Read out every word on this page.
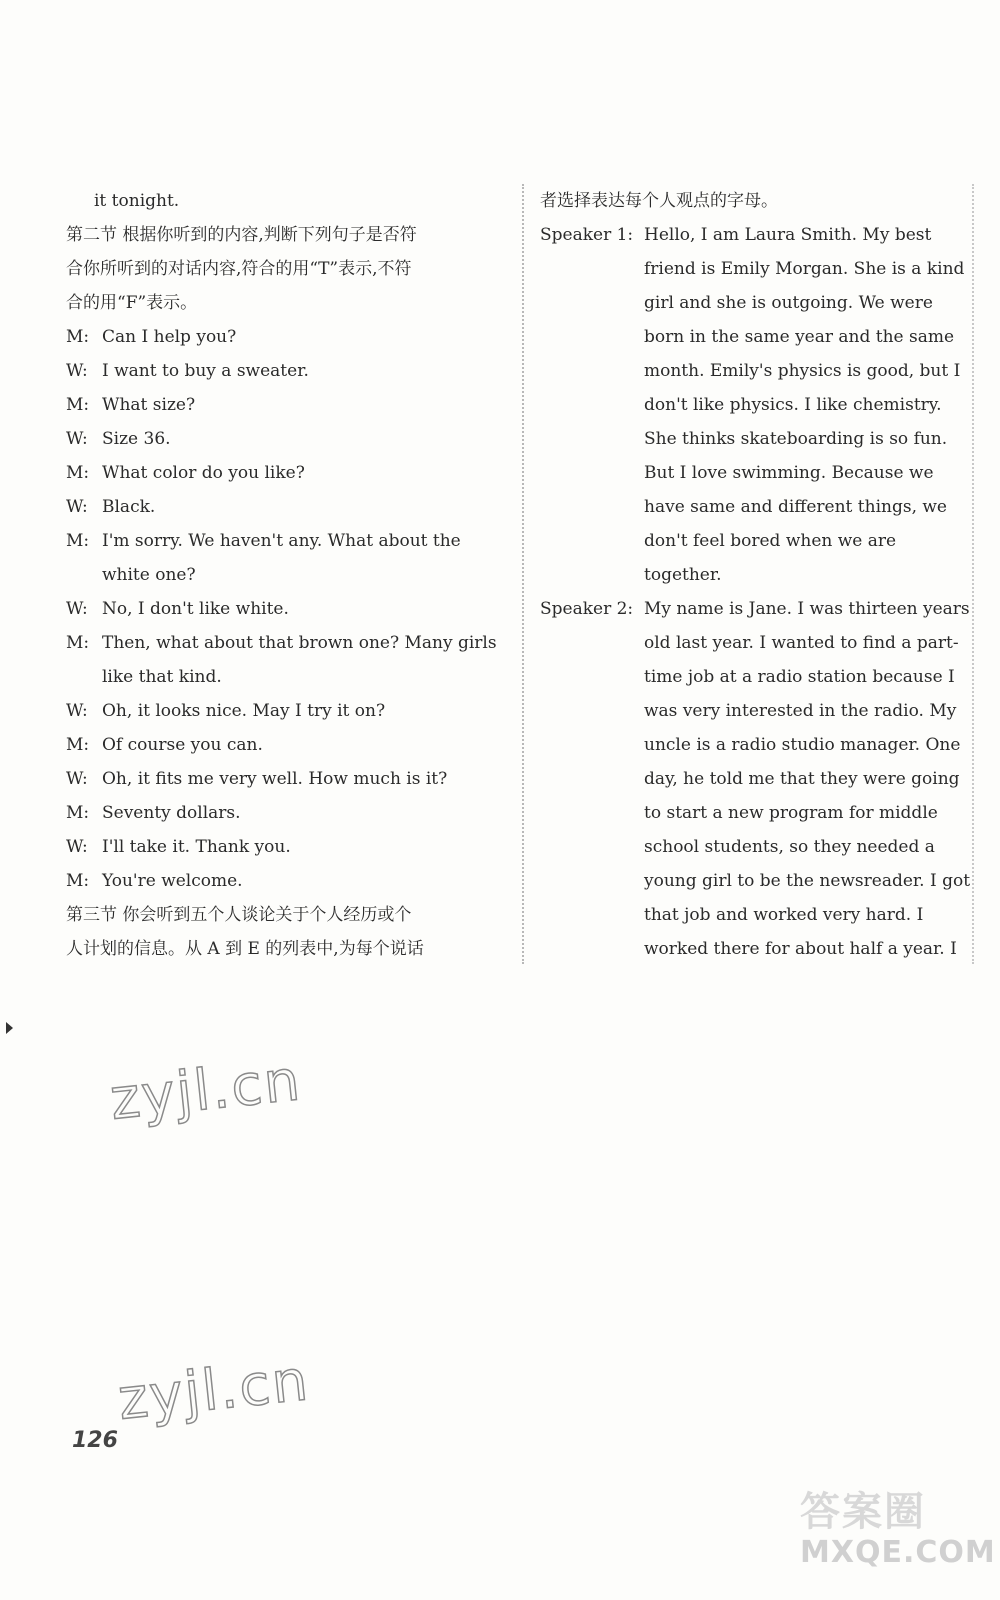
it tonight.
第二节 根据你听到的内容,判断下列句子是否符
合你所听到的对话内容,符合的用“T”表示,不符
合的用“F”表示。
M: Can I help you?
W: I want to buy a sweater.
M: What size?
W: Size 36.
M: What color do you like?
W: Black.
M: I'm sorry. We haven't any. What about the
white one?
W: No, I don't like white.
M: Then, what about that brown one? Many girls
like that kind.
W: Oh, it looks nice. May I try it on?
M: Of course you can.
W: Oh, it fits me very well. How much is it?
M: Seventy dollars.
W: I'll take it. Thank you.
M: You're welcome.
第三节 你会听到五个人谈论关于个人经历或个
人计划的信息。从 A 到 E 的列表中,为每个说话
者选择表达每个人观点的字母。
Speaker 1: Hello, I am Laura Smith. My best
friend is Emily Morgan. She is a kind
girl and she is outgoing. We were
born in the same year and the same
month. Emily's physics is good, but I
don't like physics. I like chemistry.
She thinks skateboarding is so fun.
But I love swimming. Because we
have same and different things, we
don't feel bored when we are
together.
Speaker 2: My name is Jane. I was thirteen years
old last year. I wanted to find a part-
time job at a radio station because I
was very interested in the radio. My
uncle is a radio studio manager. One
day, he told me that they were going
to start a new program for middle
school students, so they needed a
young girl to be the newsreader. I got
that job and worked very hard. I
worked there for about half a year. I
zyjl.cn
zyjl.cn
126
答案圈
MXQE.COM
